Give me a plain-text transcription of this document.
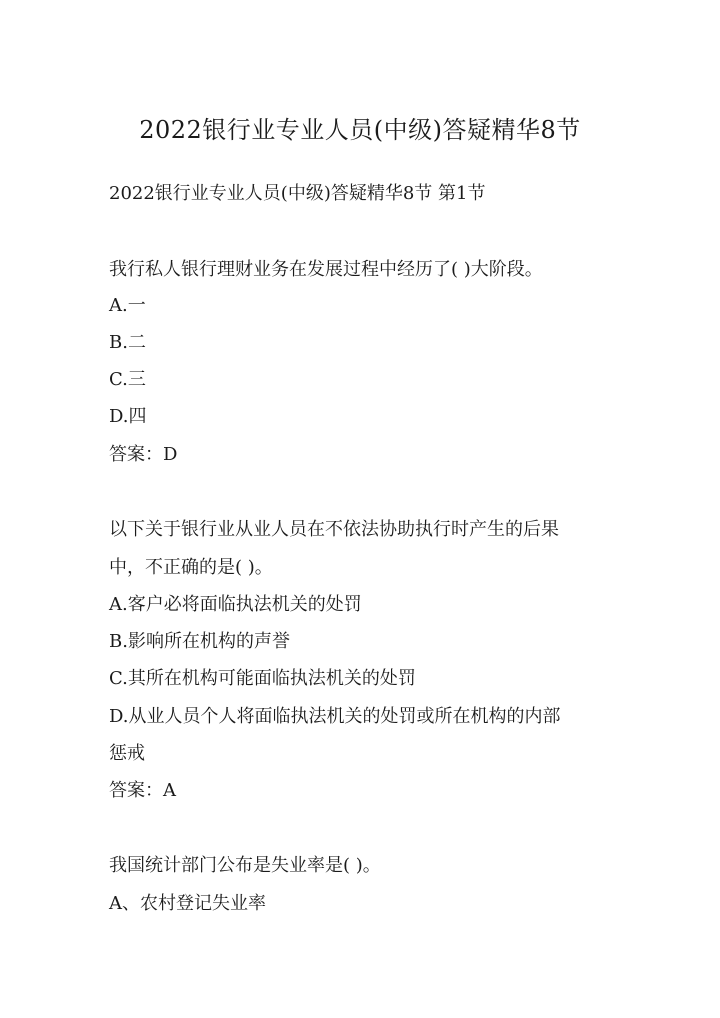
2022银行业专业人员(中级)答疑精华8节

2022银行业专业人员(中级)答疑精华8节 第1节

我行私人银行理财业务在发展过程中经历了( )大阶段。

A.一

B.二

C.三

D.四

答案：D

以下关于银行业从业人员在不依法协助执行时产生的后果

中，不正确的是( )。

A.客户必将面临执法机关的处罚

B.影响所在机构的声誉

C.其所在机构可能面临执法机关的处罚

D.从业人员个人将面临执法机关的处罚或所在机构的内部

惩戒

答案：A

我国统计部门公布是失业率是( )。

A、农村登记失业率
